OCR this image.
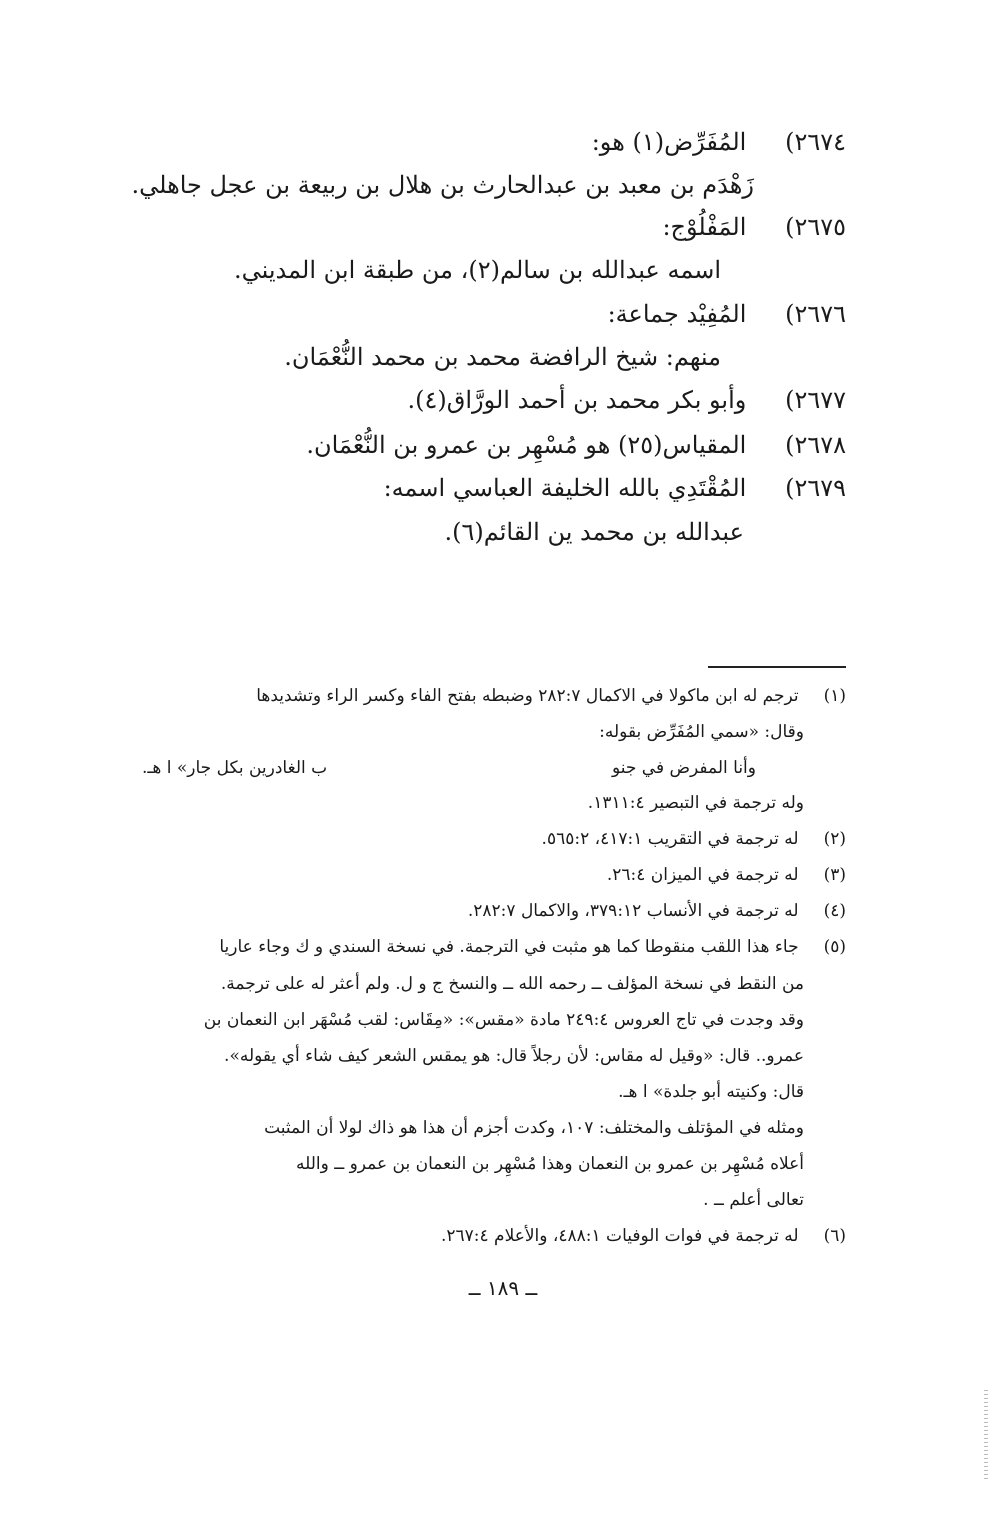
٢٦٧٤) المُفَرِّض(١) هو:
زَهْدَم بن معبد بن عبدالحارث بن هلال بن ربيعة بن عجل جاهلي.
٢٦٧٥) المَفْلُوْج:
اسمه عبدالله بن سالم(٢)، من طبقة ابن المديني.
٢٦٧٦) المُفِيْد جماعة:
منهم: شيخ الرافضة محمد بن محمد النُّعْمَان.
٢٦٧٧) وأبو بكر محمد بن أحمد الورَّاق(٤).
٢٦٧٨) المقياس(٢٥) هو مُسْهِر بن عمرو بن النُّعْمَان.
٢٦٧٩) المُقْتَدِي بالله الخليفة العباسي اسمه:
عبدالله بن محمد ين القائم(٦).
(١) ترجم له ابن ماكولا في الاكمال ٢٨٢:٧ وضبطه بفتح الفاء وكسر الراء وتشديدها
وقال: «سمي المُفَرِّض بقوله:
وأنا المفرض في جنو
ب الغادرين بكل جار» ا هـ.
وله ترجمة في التبصير ١٣١١:٤.
(٢) له ترجمة في التقريب ٤١٧:١، ٥٦٥:٢.
(٣) له ترجمة في الميزان ٢٦:٤.
(٤) له ترجمة في الأنساب ٣٧٩:١٢، والاكمال ٢٨٢:٧.
(٥) جاء هذا اللقب منقوطا كما هو مثبت في الترجمة. في نسخة السندي و ك وجاء عاريا
من النقط في نسخة المؤلف ــ رحمه الله ــ والنسخ ج و ل. ولم أعثر له على ترجمة.
وقد وجدت في تاج العروس ٢٤٩:٤ مادة «مقس»: «مِقَاس: لقب مُسْهَر ابن النعمان بن
عمرو.. قال: «وقيل له مقاس: لأن رجلاً قال: هو يمقس الشعر كيف شاء أي يقوله».
قال: وكنيته أبو جلدة» ا هـ.
ومثله في المؤتلف والمختلف: ١٠٧، وكدت أجزم أن هذا هو ذاك لولا أن المثبت
أعلاه مُسْهِر بن عمرو بن النعمان وهذا مُسْهِر بن النعمان بن عمرو ــ والله
تعالى أعلم ــ .
(٦) له ترجمة في فوات الوفيات ٤٨٨:١، والأعلام ٢٦٧:٤.
ــ ١٨٩ ــ
